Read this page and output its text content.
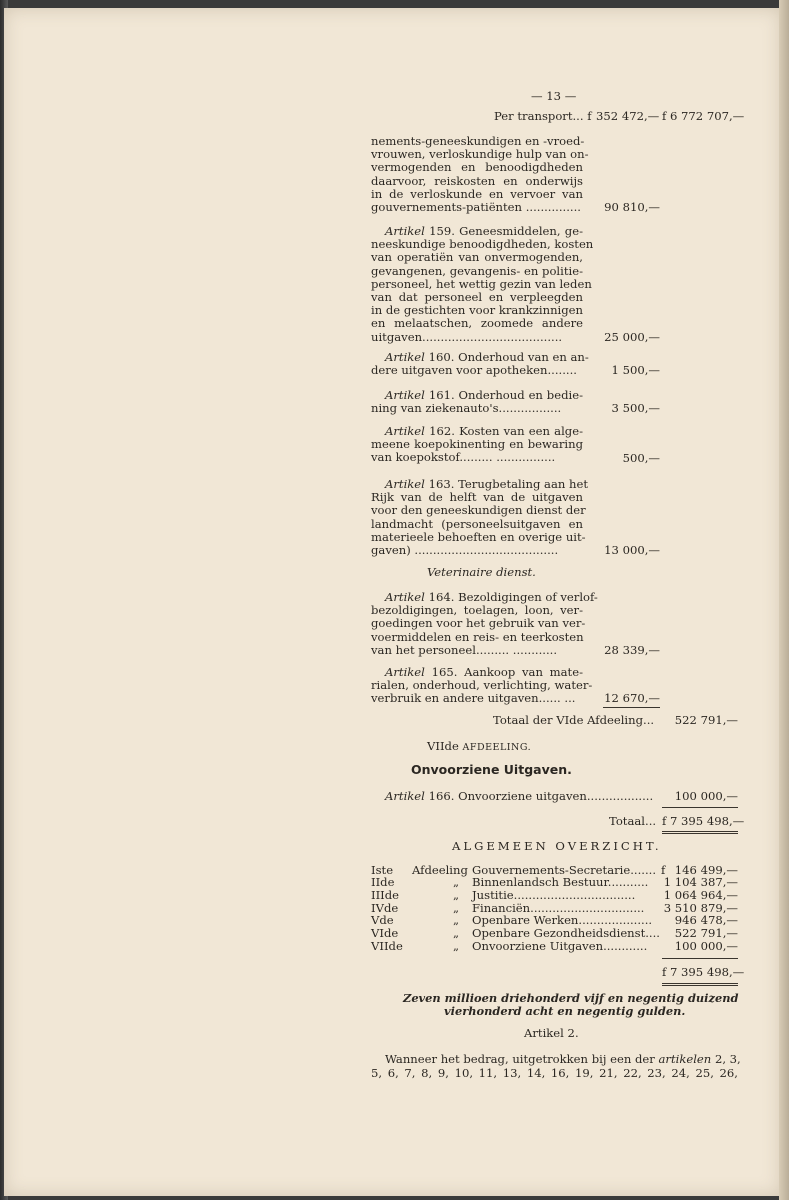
— 13 —
Per transport... f 352 472,— f 6 772 707,—
nements-geneeskundigen en -vroed-
vrouwen, verloskundige hulp van on-
vermogenden en benoodigdheden
daarvoor, reiskosten en onderwijs
in de verloskunde en vervoer van
gouvernements-patiënten ...............	90 810,—
Artikel 159. Geneesmiddelen, ge-
neeskundige benoodigdheden, kosten
van operatiën van onvermogenden,
gevangenen, gevangenis- en politie-
personeel, het wettig gezin van leden
van dat personeel en verpleegden
in de gestichten voor krankzinnigen
en melaatschen, zoomede andere
uitgaven......................................	25 000,—
Artikel 160. Onderhoud van en an-
dere uitgaven voor apotheken........	1 500,—
Artikel 161. Onderhoud en bedie-
ning van ziekenauto's.................	3 500,—
Artikel 162. Kosten van een alge-
meene koepokinenting en bewaring
van koepokstof......... ................	500,—
Artikel 163. Terugbetaling aan het
Rijk van de helft van de uitgaven
voor den geneeskundigen dienst der
landmacht (personeelsuitgaven en
materieele behoeften en overige uit-
gaven) .......................................	13 000,—
Veterinaire dienst.
Artikel 164. Bezoldigingen of verlof-
bezoldigingen, toelagen, loon, ver-
goedingen voor het gebruik van ver-
voermiddelen en reis- en teerkosten
van het personeel......... ............	28 339,—
Artikel 165. Aankoop van mate-
rialen, onderhoud, verlichting, water-
verbruik en andere uitgaven...... ...	12 670,—
Totaal der VIde Afdeeling...	522 791,—
VIIde AFDEELING.
Onvoorziene Uitgaven.
Artikel 166. Onvoorziene uitgaven..................	100 000,—
Totaal... f 7 395 498,—
ALGEMEEN OVERZICHT.
Iste Afdeeling Gouvernements-Secretarie....... f 146 499,—
IIde	„ Binnenlandsch Bestuur........... 1 104 387,—
IIIde	„ Justitie................................. 1 064 964,—
IVde	„ Financiën............................... 3 510 879,—
Vde	„ Openbare Werken....................	946 478,—
VIde	„ Openbare Gezondheidsdienst....	522 791,—
VIIde	„ Onvoorziene Uitgaven............	100 000,—
f 7 395 498,—
Zeven millioen driehonderd vijf en negentig duizend
vierhonderd acht en negentig gulden.
Artikel 2.
Wanneer het bedrag, uitgetrokken bij een der artikelen 2, 3,
5, 6, 7, 8, 9, 10, 11, 13, 14, 16, 19, 21, 22, 23, 24, 25, 26,
